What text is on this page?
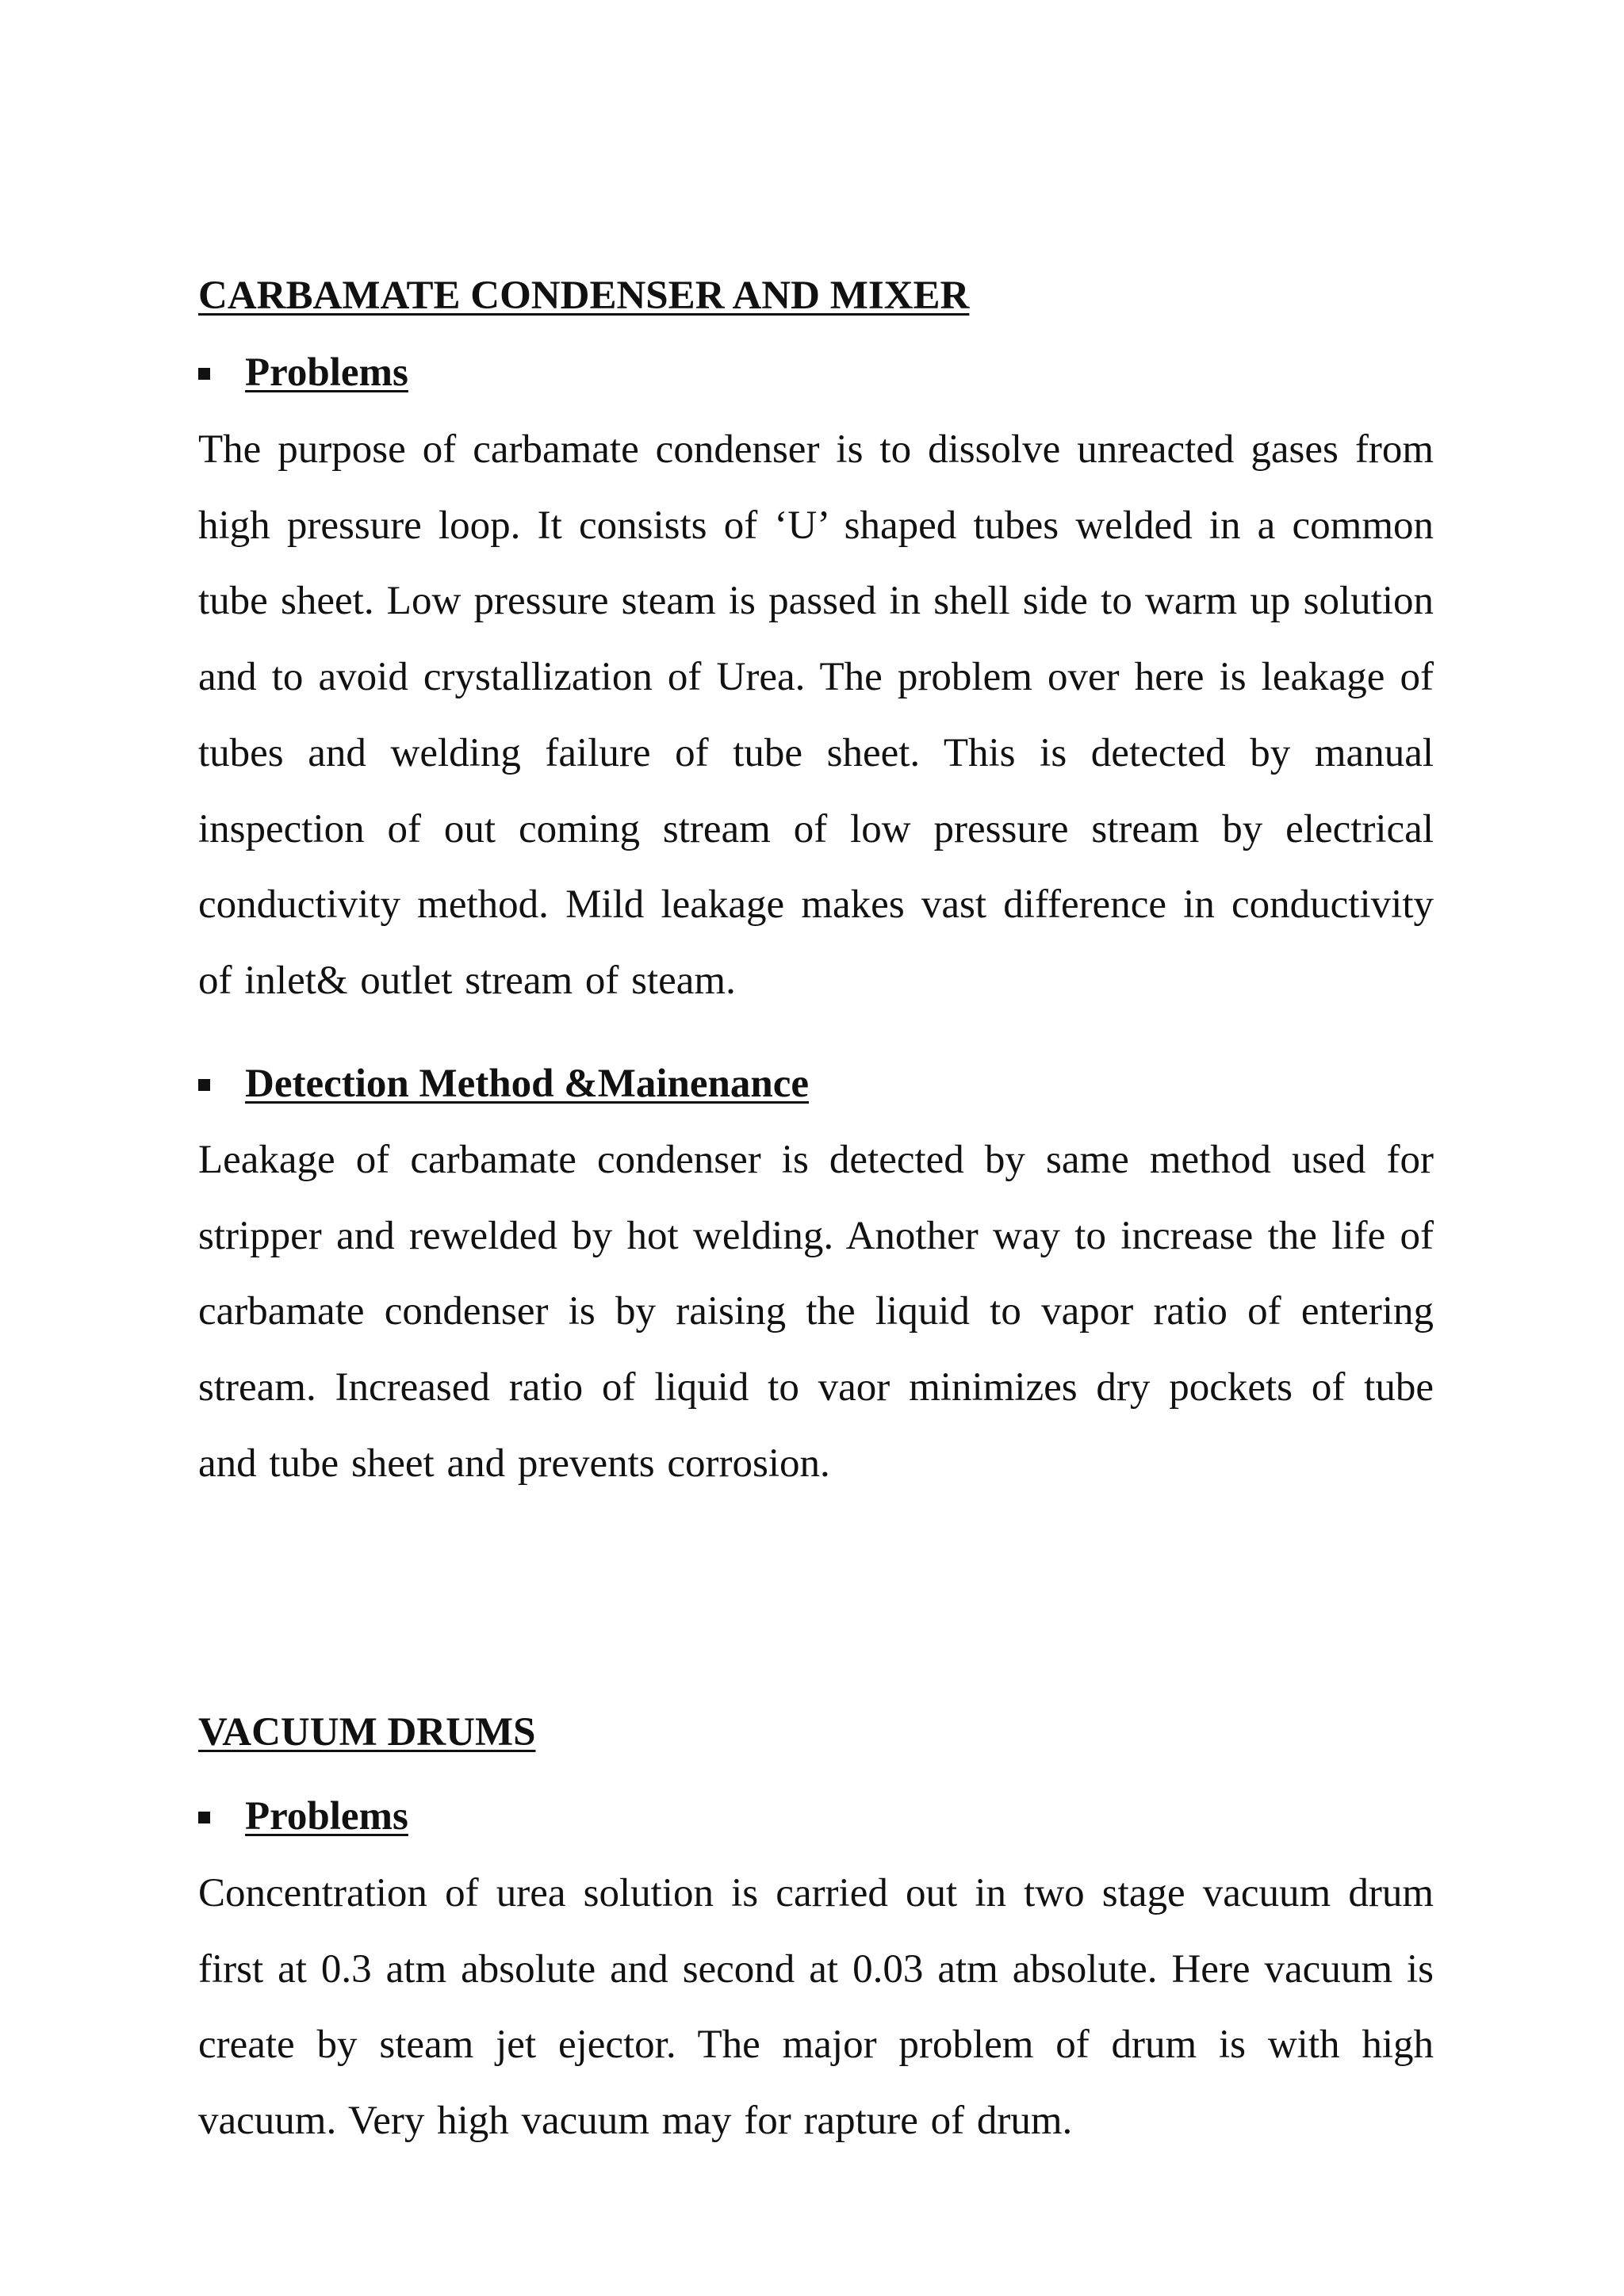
CARBAMATE CONDENSER AND MIXER
Problems

The purpose of carbamate condenser is to dissolve unreacted gases from high pressure loop. It consists of ‘U’ shaped tubes welded in a common tube sheet. Low pressure steam is passed in shell side to warm up solution and to avoid crystallization of Urea. The problem over here is leakage of tubes and welding failure of tube sheet. This is detected by manual inspection of out coming stream of low pressure stream by electrical conductivity method. Mild leakage makes vast difference in conductivity of inlet& outlet stream of steam.

Detection Method &Mainenance

Leakage of carbamate condenser is detected by same method used for stripper and rewelded by hot welding. Another way to increase the life of carbamate condenser is by raising the liquid to vapor ratio of entering stream. Increased ratio of liquid to vaor minimizes dry pockets of tube and tube sheet and prevents corrosion.

VACUUM DRUMS
Problems

Concentration of urea solution is carried out in two stage vacuum drum first at 0.3 atm absolute and second at 0.03 atm absolute. Here vacuum is create by steam jet ejector. The major problem of drum is with high vacuum. Very high vacuum may for rapture of drum.
